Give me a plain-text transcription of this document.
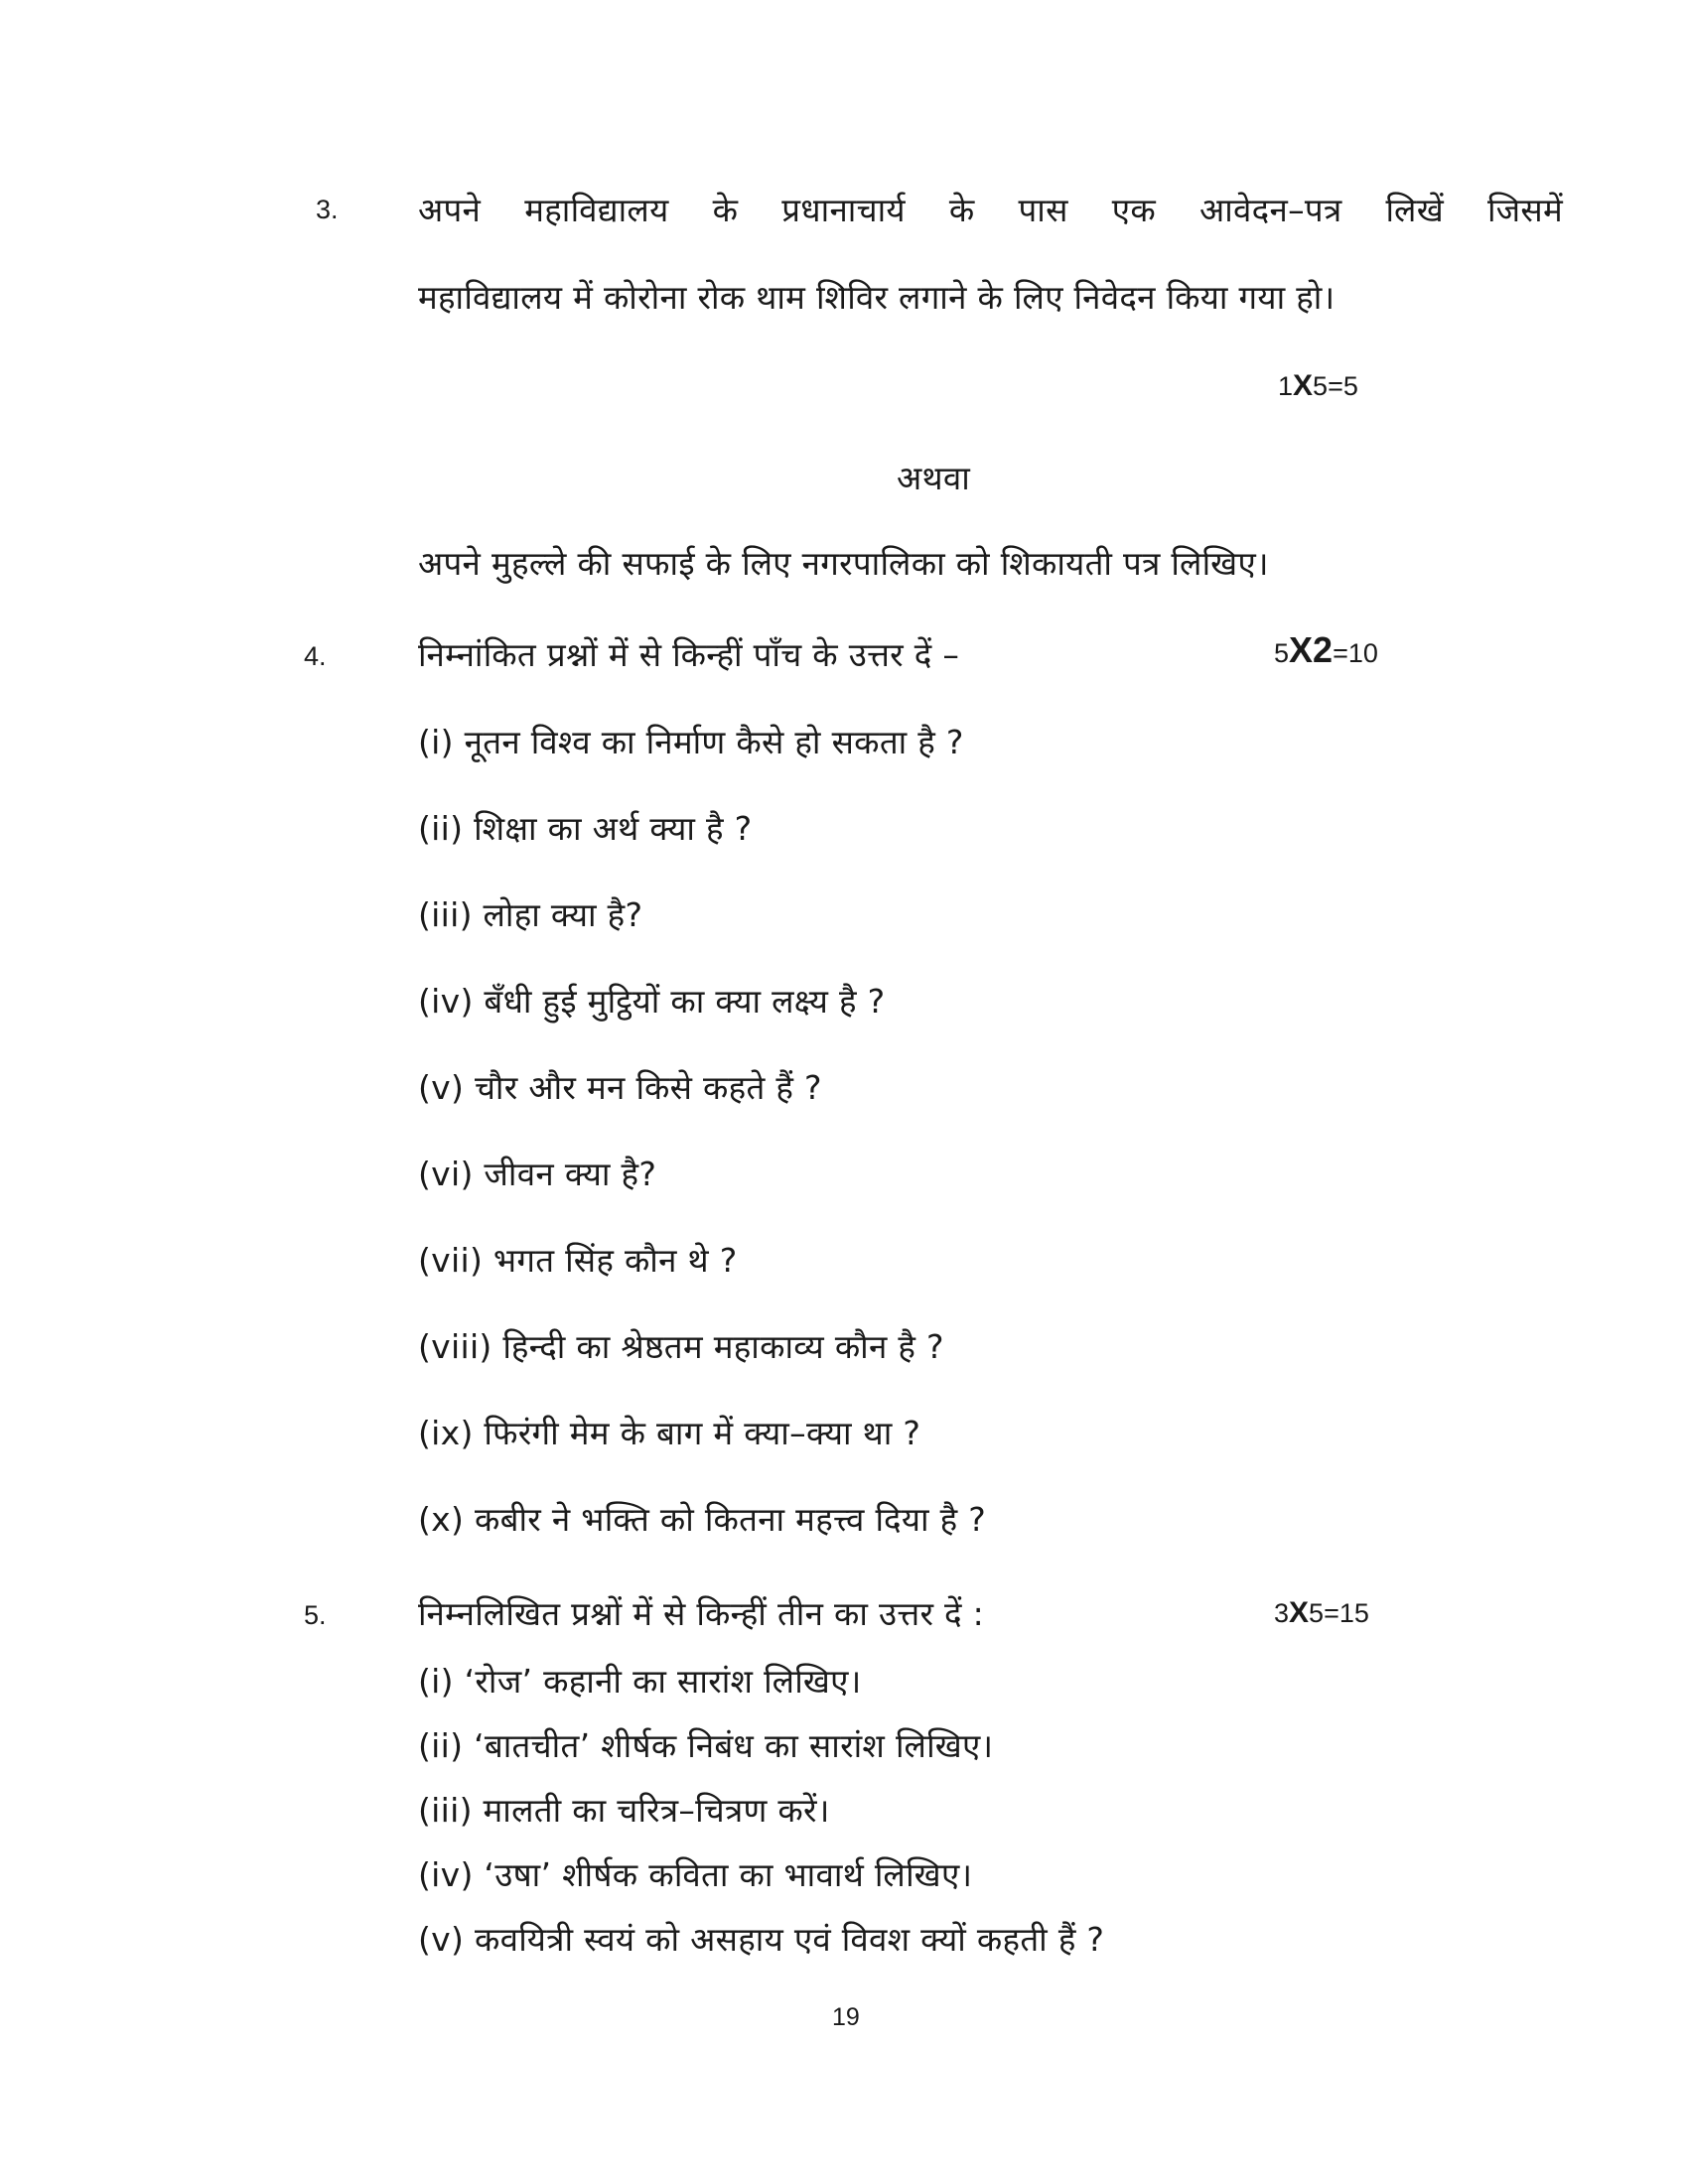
3. अपने महाविद्यालय के प्रधानाचार्य के पास एक आवेदन–पत्र लिखें जिसमें
महाविद्यालय में कोरोना रोक थाम शिविर लगाने के लिए निवेदन किया गया हो।
1X5=5
अथवा
अपने मुहल्ले की सफाई के लिए नगरपालिका को शिकायती पत्र लिखिए।
4.	निम्नांकित प्रश्नों में से किन्हीं पाँच के उत्तर दें –	5X2=10
(i) नूतन विश्व का निर्माण कैसे हो सकता है ?
(ii) शिक्षा का अर्थ क्या है ?
(iii) लोहा क्या है?
(iv) बँधी हुई मुट्ठियों का क्या लक्ष्य है ?
(v) चौर और मन किसे कहते हैं ?
(vi) जीवन क्या है?
(vii) भगत सिंह कौन थे ?
(viii) हिन्दी का श्रेष्ठतम महाकाव्य कौन है ?
(ix) फिरंगी मेम के बाग में क्या–क्या था ?
(x) कबीर ने भक्ति को कितना महत्त्व दिया है ?
5.	निम्नलिखित प्रश्नों में से किन्हीं तीन का उत्तर दें :	3X5=15
(i) ‘रोज’ कहानी का सारांश लिखिए।
(ii) ‘बातचीत’ शीर्षक निबंध का सारांश लिखिए।
(iii) मालती का चरित्र–चित्रण करें।
(iv) ‘उषा’ शीर्षक कविता का भावार्थ लिखिए।
(v) कवयित्री स्वयं को असहाय एवं विवश क्यों कहती हैं ?
19
